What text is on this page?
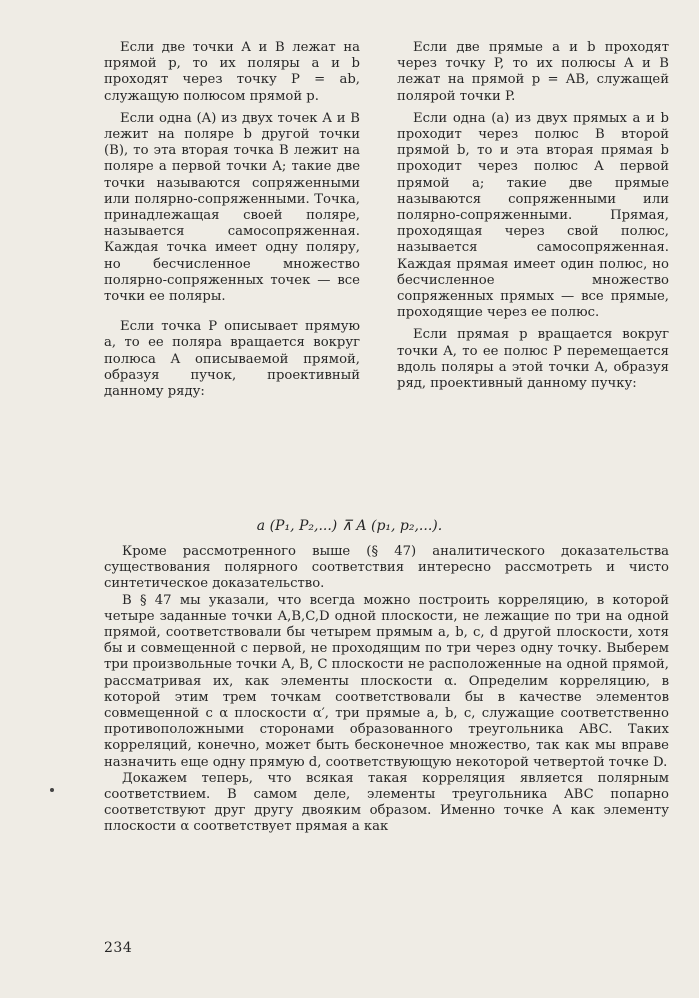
Если две точки A и B лежат на прямой p, то их поляры a и b проходят через точку P = ab, служащую полюсом прямой p.

Если одна (A) из двух точек A и B лежит на поляре b другой точки (B), то эта вторая точка B лежит на поляре a первой точки A; такие две точки называются сопряженными или полярно-сопряженными. Точка, принадлежащая своей поляре, называется самосопряженная. Каждая точка имеет одну поляру, но бесчисленное множество полярно-сопряженных точек — все точки ее поляры.

Если точка P описывает прямую a, то ее поляра вращается вокруг полюса A описываемой прямой, образуя пучок, проективный данному ряду:

Если две прямые a и b проходят через точку P, то их полюсы A и B лежат на прямой p = AB, служащей полярой точки P.

Если одна (a) из двух прямых a и b проходит через полюс B второй прямой b, то и эта вторая прямая b проходит через полюс A первой прямой a; такие две прямые называются сопряженными или полярно-сопряженными. Прямая, проходящая через свой полюс, называется самосопряженная. Каждая прямая имеет один полюс, но бесчисленное множество сопряженных прямых — все прямые, проходящие через ее полюс.

Если прямая p вращается вокруг точки A, то ее полюс P перемещается вдоль поляры a этой точки A, образуя ряд, проективный данному пучку:

a (P₁, P₂,...) ⊼ A (p₁, p₂,...).

Кроме рассмотренного выше (§ 47) аналитического доказательства существования полярного соответствия интересно рассмотреть и чисто синтетическое доказательство.

В § 47 мы указали, что всегда можно построить корреляцию, в которой четыре заданные точки A,B,C,D одной плоскости, не лежащие по три на одной прямой, соответствовали бы четырем прямым a, b, c, d другой плоскости, хотя бы и совмещенной с первой, не проходящим по три через одну точку. Выберем три произвольные точки A, B, C плоскости не расположенные на одной прямой, рассматривая их, как элементы плоскости α. Определим корреляцию, в которой этим трем точкам соответствовали бы в качестве элементов совмещенной с α плоскости α′, три прямые a, b, c, служащие соответственно противоположными сторонами образованного треугольника ABC. Таких корреляций, конечно, может быть бесконечное множество, так как мы вправе назначить еще одну прямую d, соответствующую некоторой четвертой точке D.

Докажем теперь, что всякая такая корреляция является полярным соответствием. В самом деле, элементы треугольника ABC попарно соответствуют друг другу двояким образом. Именно точке A как элементу плоскости α соответствует прямая a как

234
